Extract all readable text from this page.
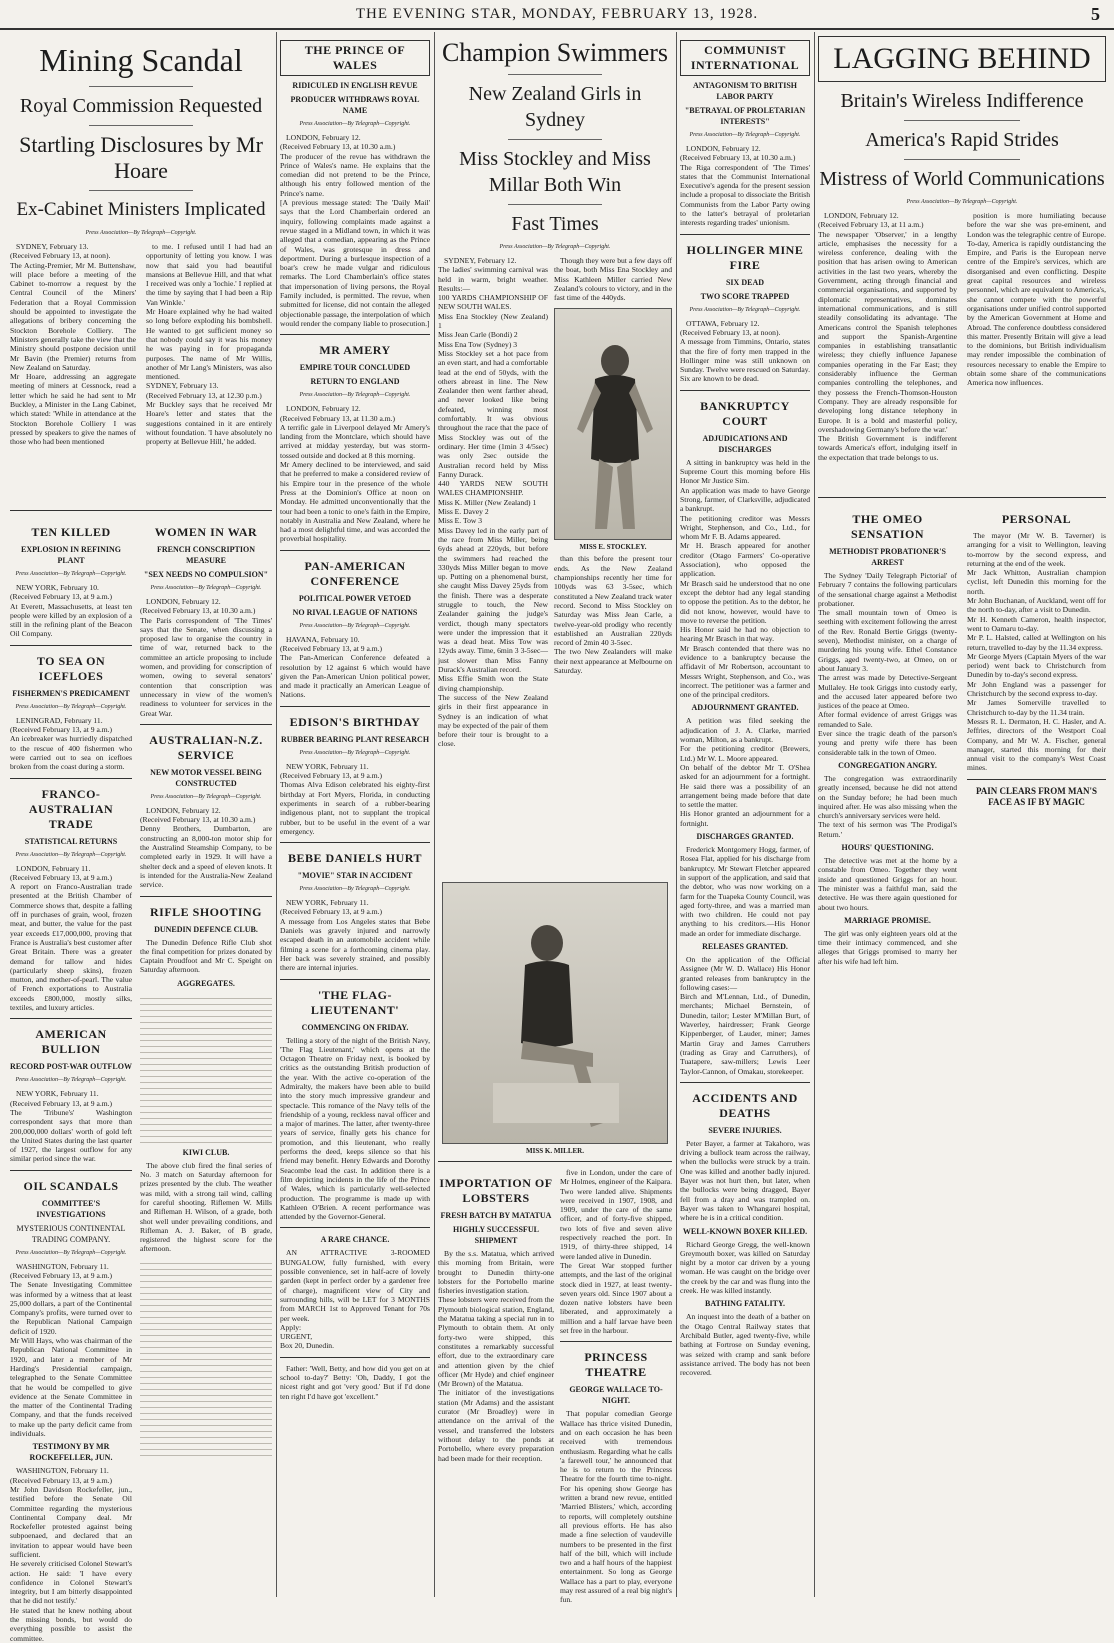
THE EVENING STAR, MONDAY, FEBRUARY 13, 1928.	5
Mining Scandal
Royal Commission Requested
Startling Disclosures by Mr Hoare
Ex-Cabinet Ministers Implicated
Press Association—By Telegraph—Copyright.

SYDNEY, February 13.
(Received February 13, at noon).
The Acting-Premier, Mr M. Buttenshaw, will place before a meeting of the Cabinet to-morrow a request by the Central Council of the Miners' Federation that a Royal Commission should be appointed to investigate the allegations of bribery concerning the Stockton Borehole Colliery. The Ministers generally take the view that the Ministry should postpone decision until Mr Bavin (the Premier) returns from New Zealand on Saturday.
Mr Hoare, addressing an aggregate meeting of miners at Cessnock, read a letter which he said he had sent to Mr Buckley, a Minister in the Lang Cabinet, which stated: 'While in attendance at the Stockton Borehole Colliery I was pressed by speakers to give the names of those who had been mentioned

to me. I refused until I had had an opportunity of letting you know. I was now that said you had beautiful mansions at Bellevue Hill, and that what I received was only a 'lochie.' I replied at the time by saying that I had been a Rip Van Winkle.'
Mr Hoare explained why he had waited so long before exploding his bombshell. He wanted to get sufficient money so that nobody could say it was his money he was paying in for propaganda purposes. The name of Mr Willis, another of Mr Lang's Ministers, was also mentioned.
SYDNEY, February 13.
(Received February 13, at 12.30 p.m.)
Mr Buckley says that he received Mr Hoare's letter and states that the suggestions contained in it are entirely without foundation. 'I have absolutely no property at Bellevue Hill,' he added.

TEN KILLED
EXPLOSION IN REFINING PLANT
Press Association—By Telegraph—Copyright.

NEW YORK, February 10.
(Received February 13, at 9 a.m.)
At Everett, Massachusetts, at least ten people were killed by an explosion of a still in the refining plant of the Beacon Oil Company.

TO SEA ON ICEFLOES
FISHERMEN'S PREDICAMENT
Press Association—By Telegraph—Copyright.

LENINGRAD, February 11.
(Received February 13, at 9 a.m.)
An icebreaker was hurriedly dispatched to the rescue of 400 fishermen who were carried out to sea on icefloes broken from the coast during a storm.

FRANCO-AUSTRALIAN TRADE
STATISTICAL RETURNS
Press Association—By Telegraph—Copyright.

LONDON, February 11.
(Received February 13, at 9 a.m.)
A report on Franco-Australian trade presented at the British Chamber of Commerce shows that, despite a falling off in purchases of grain, wool, frozen meat, and butter, the value for the past year exceeds £17,000,000, proving that France is Australia's best customer after Great Britain. There was a greater demand for tallow and hides (particularly sheep skins), frozen mutton, and mother-of-pearl. The value of French exportations to Australia exceeds £800,000, mostly silks, textiles, and luxury articles.

AMERICAN BULLION
RECORD POST-WAR OUTFLOW
Press Association—By Telegraph—Copyright.

NEW YORK, February 11.
(Received February 13, at 9 a.m.)
The 'Tribune's' Washington correspondent says that more than 200,000,000 dollars' worth of gold left the United States during the last quarter of 1927, the largest outflow for any similar period since the war.

OIL SCANDALS
COMMITTEE'S INVESTIGATIONS
MYSTERIOUS CONTINENTAL TRADING COMPANY.
Press Association—By Telegraph—Copyright.

WASHINGTON, February 11.
(Received February 13, at 9 a.m.)
The Senate Investigating Committee was informed by a witness that at least 25,000 dollars, a part of the Continental Company's profits, were turned over to the Republican National Campaign deficit of 1920.
Mr Will Hays, who was chairman of the Republican National Committee in 1920, and later a member of Mr Harding's Presidential campaign, telegraphed to the Senate Committee that he would be compelled to give evidence at the Senate Committee in the matter of the Continental Trading Company, and that the funds received to make up the party deficit came from individuals.

TESTIMONY BY MR ROCKEFELLER, JUN.

WASHINGTON, February 11.
(Received February 13, at 9 a.m.)
Mr John Davidson Rockefeller, jun., testified before the Senate Oil Committee regarding the mysterious Continental Company deal. Mr Rockefeller protested against being subpoenaed, and declared that an invitation to appear would have been sufficient.
He severely criticised Colonel Stewart's action. He said: 'I have every confidence in Colonel Stewart's integrity, but I am bitterly disappointed that he did not testify.'
He stated that he knew nothing about the missing bonds, but would do everything possible to assist the committee.

WOMEN IN WAR
FRENCH CONSCRIPTION MEASURE
"SEX NEEDS NO COMPULSION"
Press Association—By Telegraph—Copyright.

LONDON, February 12.
(Received February 13, at 10.30 a.m.)
The Paris correspondent of 'The Times' says that the Senate, when discussing a proposed law to organise the country in time of war, returned back to the committee an article proposing to include women, and providing for conscription of women, owing to several senators' contention that conscription was unnecessary in view of the women's readiness to volunteer for services in the Great War.

AUSTRALIAN-N.Z. SERVICE
NEW MOTOR VESSEL BEING CONSTRUCTED
Press Association—By Telegraph—Copyright.

LONDON, February 12.
(Received February 13, at 10.30 a.m.)
Denny Brothers, Dumbarton, are constructing an 8,000-ton motor ship for the Australind Steamship Company, to be completed early in 1929. It will have a shelter deck and a speed of eleven knots. It is intended for the Australia-New Zealand service.

RIFLE SHOOTING
DUNEDIN DEFENCE CLUB.

The Dunedin Defence Rifle Club shot the final competition for prizes donated by Captain Proudfoot and Mr C. Speight on Saturday afternoon.

AGGREGATES.
KIWI CLUB.

The above club fired the final series of No. 3 match on Saturday afternoon for prizes presented by the club. The weather was mild, with a strong tail wind, calling for careful shooting. Riflemen W. Mills and Rifleman H. Wilson, of a grade, both shot well under prevailing conditions, and Rifleman A. J. Baker, of B grade, registered the highest score for the afternoon.

THE PRINCE OF WALES
RIDICULED IN ENGLISH REVUE
PRODUCER WITHDRAWS ROYAL NAME
Press Association—By Telegraph—Copyright.

LONDON, February 12.
(Received February 13, at 10.30 a.m.)
The producer of the revue has withdrawn the Prince of Wales's name. He explains that the comedian did not pretend to be the Prince, although his entry followed mention of the Prince's name.
[A previous message stated: The 'Daily Mail' says that the Lord Chamberlain ordered an inquiry, following complaints made against a revue staged in a Midland town, in which it was alleged that a comedian, appearing as the Prince of Wales, was grotesque in dress and deportment. During a burlesque inspection of a boar's crew he made vulgar and ridiculous remarks. The Lord Chamberlain's office states that impersonation of living persons, the Royal Family included, is permitted. The revue, when submitted for license, did not contain the alleged objectionable passage, the interpolation of which would render the company liable to prosecution.]

MR AMERY
EMPIRE TOUR CONCLUDED
RETURN TO ENGLAND
Press Association—By Telegraph—Copyright.

LONDON, February 12.
(Received February 13, at 11.30 a.m.)
A terrific gale in Liverpool delayed Mr Amery's landing from the Montclare, which should have arrived at midday yesterday, but was storm-tossed outside and docked at 8 this morning.
Mr Amery declined to be interviewed, and said that he preferred to make a considered review of his Empire tour in the presence of the whole Press at the Dominion's Office at noon on Monday. He admitted unconventionally that the tour had been a tonic to one's faith in the Empire, notably in Australia and New Zealand, where he had a most delightful time, and was accorded the proverbial hospitality.

PAN-AMERICAN CONFERENCE
POLITICAL POWER VETOED
NO RIVAL LEAGUE OF NATIONS
Press Association—By Telegraph—Copyright.

HAVANA, February 10.
(Received February 13, at 9 a.m.)
The Pan-American Conference defeated a resolution by 12 against 6 which would have given the Pan-American Union political power, and made it practically an American League of Nations.

EDISON'S BIRTHDAY
RUBBER BEARING PLANT RESEARCH
Press Association—By Telegraph—Copyright.

NEW YORK, February 11.
(Received February 13, at 9 a.m.)
Thomas Alva Edison celebrated his eighty-first birthday at Fort Myers, Florida, in conducting experiments in search of a rubber-bearing indigenous plant, not to supplant the tropical rubber, but to be useful in the event of a war emergency.

BEBE DANIELS HURT
"MOVIE" STAR IN ACCIDENT
Press Association—By Telegraph—Copyright.

NEW YORK, February 11.
(Received February 13, at 9 a.m.)
A message from Los Angeles states that Bebe Daniels was gravely injured and narrowly escaped death in an automobile accident while filming a scene for a forthcoming cinema play. Her back was severely strained, and possibly there are internal injuries.

'THE FLAG-LIEUTENANT'
COMMENCING ON FRIDAY.

Telling a story of the night of the British Navy, 'The Flag Lieutenant,' which opens at the Octagon Theatre on Friday next, is booked by critics as the outstanding British production of the year. With the active co-operation of the Admiralty, the makers have been able to build into the story much impressive grandeur and spectacle. This romance of the Navy tells of the friendship of a young, reckless naval officer and a major of marines. The latter, after twenty-three years of service, finally gets his chance for promotion, and this lieutenant, who really performs the deed, keeps silence so that his friend may benefit. Henry Edwards and Dorothy Seacombe lead the cast. In addition there is a film depicting incidents in the life of the Prince of Wales, which is particularly well-selected production. The programme is made up with Kathleen O'Brien. A recent performance was attended by the Governor-General.

A RARE CHANCE.

AN ATTRACTIVE 3-ROOMED BUNGALOW, fully furnished, with every possible convenience, set in half-acre of lovely garden (kept in perfect order by a gardener free of charge), magnificent view of City and surrounding hills, will be LET for 3 MONTHS from MARCH 1st to Approved Tenant for 70s per week.
Apply:
URGENT,
Box 20, Dunedin.

Father: 'Well, Betty, and how did you get on at school to-day?' Betty: 'Oh, Daddy, I got the nicest right and got 'very good.' But if I'd done ten right I'd have got 'excellent.''

Champion Swimmers
New Zealand Girls in Sydney
Miss Stockley and Miss Millar Both Win
Fast Times
Press Association—By Telegraph—Copyright.

SYDNEY, February 12.
The ladies' swimming carnival was held in warm, bright weather. Results:—
100 YARDS CHAMPIONSHIP OF NEW SOUTH WALES.
Miss Ena Stockley (New Zealand) 1
Miss Jean Carle (Bondi) 2
Miss Ena Tow (Sydney) 3
Miss Stockley set a hot pace from an even start, and had a comfortable lead at the end of 50yds, with the others abreast in line. The New Zealander then went farther ahead, and never looked like being defeated, winning most comfortably. It was obvious throughout the race that the pace of Miss Stockley was out of the ordinary. Her time (1min 3 4/5sec) was only 2sec outside the Australian record held by Miss Fanny Durack.
440 YARDS NEW SOUTH WALES CHAMPIONSHIP.
Miss K. Miller (New Zealand) 1
Miss E. Davey 2
Miss E. Tow 3
Miss Davey led in the early part of the race from Miss Miller, being 6yds ahead at 220yds, but before the swimmers had reached the 330yds Miss Miller began to move up. Putting on a phenomenal burst, she caught Miss Davey 25yds from the finish. There was a desperate struggle to touch, the New Zealander gaining the judge's verdict, though many spectators were under the impression that it was a dead heat. Miss Tow was 12yds away. Time, 6min 3 3-5sec—just slower than Miss Fanny Durack's Australian record.
Miss Effie Smith won the State diving championship.
The success of the New Zealand girls in their first appearance in Sydney is an indication of what may be expected of the pair of them before their tour is brought to a close.

Though they were but a few days off the boat, both Miss Ena Stockley and Miss Kathleen Miller carried New Zealand's colours to victory, and in the fast time of the 440yds.

MISS E. STOCKLEY.

than this before the present tour ends. As the New Zealand championships recently her time for 100yds was 63 3-5sec, which constituted a New Zealand track water record. Second to Miss Stockley on Saturday was Miss Jean Carle, a twelve-year-old prodigy who recently established an Australian 220yds record of 2min 40 3-5sec.
The two New Zealanders will make their next appearance at Melbourne on Saturday.

MISS K. MILLER.
IMPORTATION OF LOBSTERS
FRESH BATCH BY MATATUA
HIGHLY SUCCESSFUL SHIPMENT

By the s.s. Matatua, which arrived this morning from Britain, were brought to Dunedin thirty-one lobsters for the Portobello marine fisheries investigation station.
These lobsters were received from the Plymouth biological station, England, the Matatua taking a special run in to Plymouth to obtain them. At only forty-two were shipped, this constitutes a remarkably successful effort, due to the extraordinary care and attention given by the chief officer (Mr Hyde) and chief engineer (Mr Brown) of the Matatua.
The initiator of the investigations station (Mr Adams) and the assistant curator (Mr Broadley) were in attendance on the arrival of the vessel, and transferred the lobsters without delay to the ponds at Portobello, where every preparation had been made for their reception.

five in London, under the care of Mr Holmes, engineer of the Kaipara. Two were landed alive. Shipments were received in 1907, 1908, and 1909, under the care of the same officer, and of forty-five shipped, two lots of five and seven alive respectively reached the port. In 1919, of thirty-three shipped, 14 were landed alive in Dunedin.
The Great War stopped further attempts, and the last of the original stock died in 1927, at least twenty-seven years old. Since 1907 about a dozen native lobsters have been liberated, and approximately a million and a half larvae have been set free in the harbour.

PRINCESS THEATRE
GEORGE WALLACE TO-NIGHT.

That popular comedian George Wallace has thrice visited Dunedin, and on each occasion he has been received with tremendous enthusiasm. Regarding what he calls 'a farewell tour,' he announced that he is to return to the Princess Theatre for the fourth time to-night. For his opening show George has written a brand new revue, entitled 'Married Blisters,' which, according to reports, will completely outshine all previous efforts. He has also made a fine selection of vaudeville numbers to be presented in the first half of the bill, which will include two and a half hours of the happiest entertainment. So long as George Wallace has a part to play, everyone may rest assured of a real big night's fun.

COMMUNIST INTERNATIONAL
ANTAGONISM TO BRITISH LABOR PARTY
"BETRAYAL OF PROLETARIAN INTERESTS"
Press Association—By Telegraph—Copyright.

LONDON, February 12.
(Received February 13, at 10.30 a.m.)
The Riga correspondent of 'The Times' states that the Communist International Executive's agenda for the present session include a proposal to dissociate the British Communists from the Labor Party owing to the latter's betrayal of proletarian interests regarding trades' unionism.

HOLLINGER MINE FIRE
SIX DEAD
TWO SCORE TRAPPED
Press Association—By Telegraph—Copyright.

OTTAWA, February 12.
(Received February 13, at noon).
A message from Timmins, Ontario, states that the fire of forty men trapped in the Hollinger mine was still unknown on Sunday. Twelve were rescued on Saturday. Six are known to be dead.

BANKRUPTCY COURT
ADJUDICATIONS AND DISCHARGES

A sitting in bankruptcy was held in the Supreme Court this morning before His Honor Mr Justice Sim.
An application was made to have George Strong, farmer, of Clarksville, adjudicated a bankrupt.
The petitioning creditor was Messrs Wright, Stephenson, and Co., Ltd., for whom Mr F. B. Adams appeared.
Mr H. Brasch appeared for another creditor (Otago Farmers' Co-operative Association), who opposed the application.
Mr Brasch said he understood that no one except the debtor had any legal standing to oppose the petition. As to the debtor, he did not know, however, would have to move to reverse the petition.
His Honor said he had no objection to hearing Mr Brasch in that way.
Mr Brasch contended that there was no evidence to a bankruptcy because the affidavit of Mr Robertson, accountant to Messrs Wright, Stephenson, and Co., was incorrect. The petitioner was a farmer and one of the principal creditors.

ADJOURNMENT GRANTED.

A petition was filed seeking the adjudication of J. A. Clarke, married woman, Milton, as a bankrupt.
For the petitioning creditor (Brewers, Ltd.) Mr W. L. Moore appeared.
On behalf of the debtor Mr T. O'Shea asked for an adjournment for a fortnight. He said there was a possibility of an arrangement being made before that date to settle the matter.
His Honor granted an adjournment for a fortnight.

DISCHARGES GRANTED.

Frederick Montgomery Hogg, farmer, of Rosea Flat, applied for his discharge from bankruptcy. Mr Stewart Fletcher appeared in support of the application, and said that the debtor, who was now working on a farm for the Tuapeka County Council, was aged forty-three, and was a married man with two children. He could not pay anything to his creditors.—His Honor made an order for immediate discharge.

RELEASES GRANTED.

On the application of the Official Assignee (Mr W. D. Wallace) His Honor granted releases from bankruptcy in the following cases:—
Birch and M'Lennan, Ltd., of Dunedin, merchants; Michael Bernstein, of Dunedin, tailor; Lester M'Millan Burt, of Waverley, hairdresser; Frank George Kippenberger, of Lauder, miner; James Martin Gray and James Carruthers (trading as Gray and Carruthers), of Tuatapere, saw-millers; Lewis Leer Taylor-Cannon, of Omakau, storekeeper.

ACCIDENTS AND DEATHS
SEVERE INJURIES.

Peter Bayer, a farmer at Takahoro, was driving a bullock team across the railway, when the bullocks were struck by a train. One was killed and another badly injured. Bayer was not hurt then, but later, when the bullocks were being dragged, Bayer fell from a dray and was trampled on. Bayer was taken to Whangarei hospital, where he is in a critical condition.

WELL-KNOWN BOXER KILLED.

Richard George Gregg, the well-known Greymouth boxer, was killed on Saturday night by a motor car driven by a young woman. He was caught on the bridge over the creek by the car and was flung into the creek. He was killed instantly.

BATHING FATALITY.

An inquest into the death of a bather on the Otago Central Railway states that Archibald Butler, aged twenty-five, while bathing at Fortrose on Sunday evening, was seized with cramp and sank before assistance arrived. The body has not been recovered.

LAGGING BEHIND
Britain's Wireless Indifference
America's Rapid Strides
Mistress of World Communications
Press Association—By Telegraph—Copyright.

LONDON, February 12.
(Received February 13, at 11 a.m.)
The newspaper 'Observer,' in a lengthy article, emphasises the necessity for a wireless conference, dealing with the position that has arisen owing to American activities in the last two years, whereby the Government, acting through financial and commercial organisations, and supported by diplomatic representatives, dominates international communications, and is still steadily consolidating its advantage. 'The Americans control the Spanish telephones and support the Spanish-Argentine companies in establishing transatlantic wireless; they chiefly influence Japanese companies operating in the Far East; they considerably influence the German companies controlling the telephones, and they possess the French-Thomson-Houston Company. They are already responsible for developing long distance telephony in Europe. It is a bold and masterful policy, overshadowing Germany's before the war.'
The British Government is indifferent towards America's effort, indulging itself in the expectation that trade belongs to us.

position is more humiliating because before the war she was pre-eminent, and London was the telegraphic centre of Europe. To-day, America is rapidly outdistancing the Empire, and Paris is the European nerve centre of the Empire's services, which are disorganised and even conflicting. Despite great capital resources and wireless personnel, which are equivalent to America's, she cannot compete with the powerful organisations under unified control supported by the American Government at Home and Abroad. The conference doubtless considered this matter. Presently Britain will give a lead to the dominions, but British individualism may render impossible the combination of resources necessary to enable the Empire to obtain some share of the communications America now influences.

THE OMEO SENSATION
METHODIST PROBATIONER'S ARREST

The Sydney 'Daily Telegraph Pictorial' of February 7 contains the following particulars of the sensational charge against a Methodist probationer.
The small mountain town of Omeo is seething with excitement following the arrest of the Rev. Ronald Bertie Griggs (twenty-seven), Methodist minister, on a charge of murdering his young wife. Ethel Constance Griggs, aged twenty-two, at Omeo, on or about January 3.
The arrest was made by Detective-Sergeant Mullaley. He took Griggs into custody early, and the accused later appeared before two justices of the peace at Omeo.
After formal evidence of arrest Griggs was remanded to Sale.
Ever since the tragic death of the parson's young and pretty wife there has been considerable talk in the town of Omeo.

CONGREGATION ANGRY.

The congregation was extraordinarily greatly incensed, because he did not attend on the Sunday before; he had been much inquired after. He was also missing when the church's anniversary services were held.
The text of his sermon was 'The Prodigal's Return.'

HOURS' QUESTIONING.

The detective was met at the home by a constable from Omeo. Together they went inside and questioned Griggs for an hour. The minister was a faithful man, said the detective. He was there again questioned for about two hours.

MARRIAGE PROMISE.

The girl was only eighteen years old at the time their intimacy commenced, and she alleges that Griggs promised to marry her after his wife had left him.

PERSONAL

The mayor (Mr W. B. Taverner) is arranging for a visit to Wellington, leaving to-morrow by the second express, and returning at the end of the week.
Mr Jack Whitton, Australian champion cyclist, left Dunedin this morning for the north.
Mr John Buchanan, of Auckland, went off for the north to-day, after a visit to Dunedin.
Mr H. Kenneth Cameron, health inspector, went to Oamaru to-day.
Mr P. L. Halsted, called at Wellington on his return, travelled to-day by the 11.34 express.
Mr George Myers (Captain Myers of the war period) went back to Christchurch from Dunedin by to-day's second express.
Mr John England was a passenger for Christchurch by the second express to-day.
Mr James Somerville travelled to Christchurch to-day by the 11.34 train.
Messrs R. L. Dermaton, H. C. Hasler, and A. Jeffries, directors of the Westport Coal Company, and Mr W. A. Fischer, general manager, started this morning for their annual visit to the company's West Coast mines.

PAIN CLEARS FROM MAN'S FACE AS IF BY MAGIC
